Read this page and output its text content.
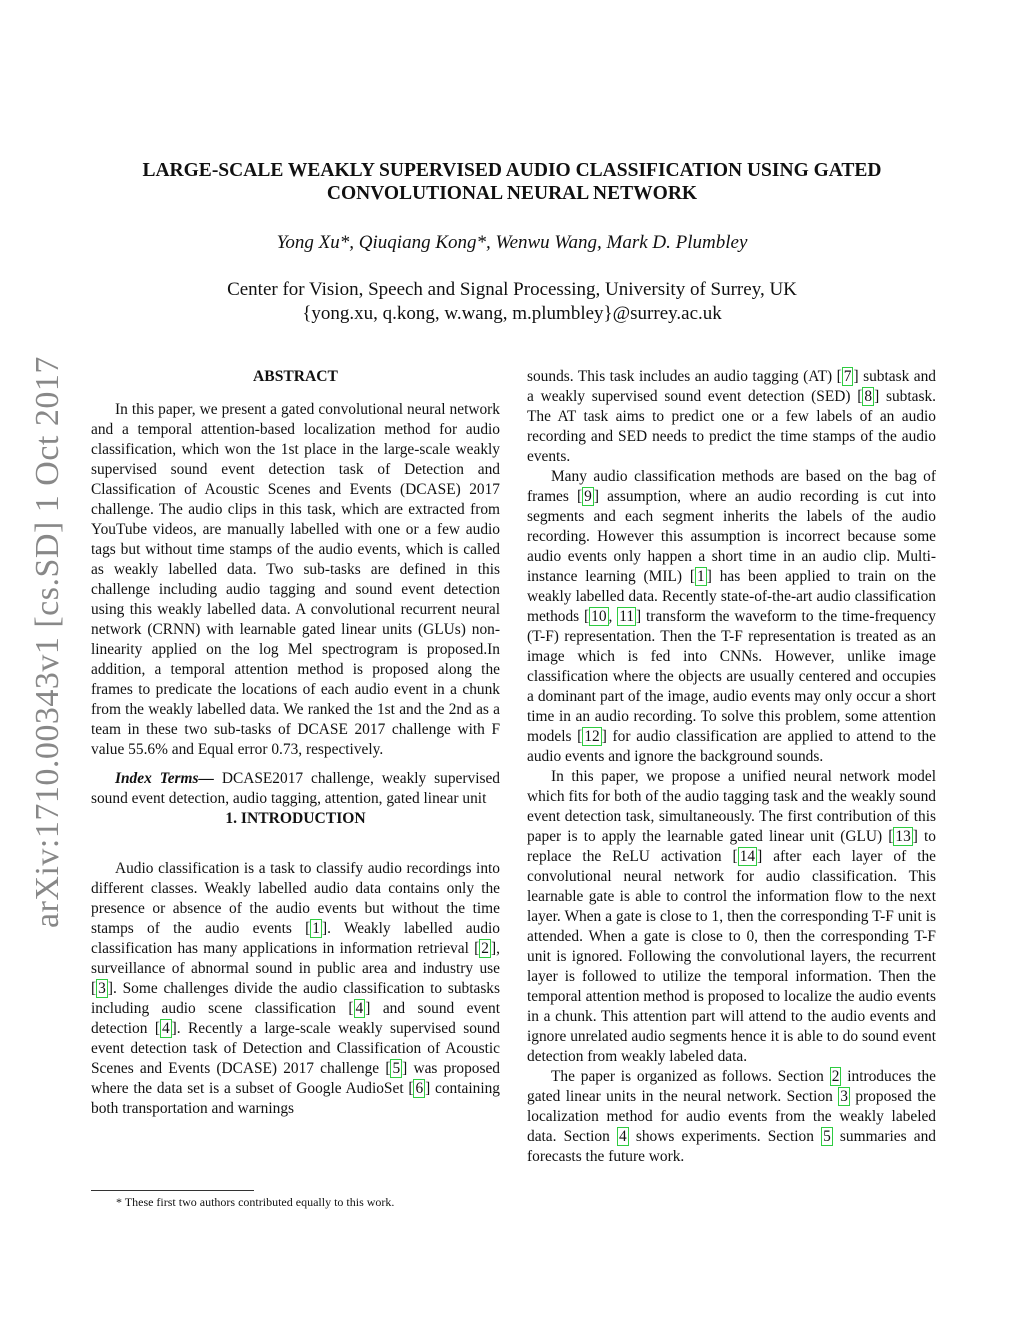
arXiv:1710.00343v1 [cs.SD] 1 Oct 2017
LARGE-SCALE WEAKLY SUPERVISED AUDIO CLASSIFICATION USING GATED
CONVOLUTIONAL NEURAL NETWORK
Yong Xu*, Qiuqiang Kong*, Wenwu Wang, Mark D. Plumbley
Center for Vision, Speech and Signal Processing, University of Surrey, UK
{yong.xu, q.kong, w.wang, m.plumbley}@surrey.ac.uk

ABSTRACT

In this paper, we present a gated convolutional neural network and a temporal attention-based localization method for audio classification, which won the 1st place in the large-scale weakly supervised sound event detection task of Detection and Classification of Acoustic Scenes and Events (DCASE) 2017 challenge. The audio clips in this task, which are extracted from YouTube videos, are manually labelled with one or a few audio tags but without time stamps of the audio events, which is called as weakly labelled data. Two sub-tasks are defined in this challenge including audio tagging and sound event detection using this weakly labelled data. A convolutional recurrent neural network (CRNN) with learnable gated linear units (GLUs) non-linearity applied on the log Mel spectrogram is proposed.In addition, a temporal attention method is proposed along the frames to predicate the locations of each audio event in a chunk from the weakly labelled data. We ranked the 1st and the 2nd as a team in these two sub-tasks of DCASE 2017 challenge with F value 55.6% and Equal error 0.73, respectively.

Index Terms— DCASE2017 challenge, weakly supervised sound event detection, audio tagging, attention, gated linear unit

1. INTRODUCTION

Audio classification is a task to classify audio recordings into different classes. Weakly labelled audio data contains only the presence or absence of the audio events but without the time stamps of the audio events [ 1 ]. Weakly labelled audio classification has many applications in information retrieval [ 2 ], surveillance of abnormal sound in public area and industry use [ 3 ]. Some challenges divide the audio classification to subtasks including audio scene classification [ 4 ] and sound event detection [ 4 ]. Recently a large-scale weakly supervised sound event detection task of Detection and Classification of Acoustic Scenes and Events (DCASE) 2017 challenge [ 5 ] was proposed where the data set is a subset of Google AudioSet [ 6 ] containing both transportation and warnings

sounds. This task includes an audio tagging (AT) [ 7 ] subtask and a weakly supervised sound event detection (SED) [ 8 ] subtask. The AT task aims to predict one or a few labels of an audio recording and SED needs to predict the time stamps of the audio events.

Many audio classification methods are based on the bag of frames [ 9 ] assumption, where an audio recording is cut into segments and each segment inherits the labels of the audio recording. However this assumption is incorrect because some audio events only happen a short time in an audio clip. Multi-instance learning (MIL) [ 1 ] has been applied to train on the weakly labelled data. Recently state-of-the-art audio classification methods [ 10 , 11 ] transform the waveform to the time-frequency (T-F) representation. Then the T-F representation is treated as an image which is fed into CNNs. However, unlike image classification where the objects are usually centered and occupies a dominant part of the image, audio events may only occur a short time in an audio recording. To solve this problem, some attention models [ 12 ] for audio classification are applied to attend to the audio events and ignore the background sounds.

In this paper, we propose a unified neural network model which fits for both of the audio tagging task and the weakly sound event detection task, simultaneously. The first contribution of this paper is to apply the learnable gated linear unit (GLU) [ 13 ] to replace the ReLU activation [ 14 ] after each layer of the convolutional neural network for audio classification. This learnable gate is able to control the information flow to the next layer. When a gate is close to 1, then the corresponding T-F unit is attended. When a gate is close to 0, then the corresponding T-F unit is ignored. Following the convolutional layers, the recurrent layer is followed to utilize the temporal information. Then the temporal attention method is proposed to localize the audio events in a chunk. This attention part will attend to the audio events and ignore unrelated audio segments hence it is able to do sound event detection from weakly labeled data.

The paper is organized as follows. Section 2 introduces the gated linear units in the neural network. Section 3 proposed the localization method for audio events from the weakly labeled data. Section 4 shows experiments. Section 5 summaries and forecasts the future work.

* These first two authors contributed equally to this work.
